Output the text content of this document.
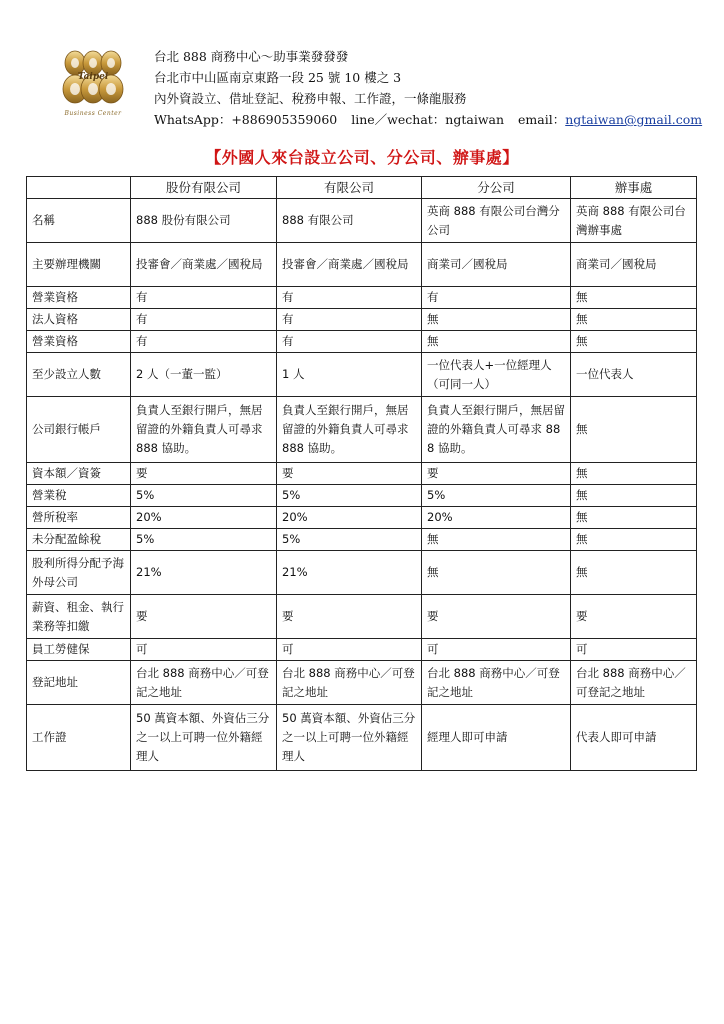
Taipei
Business Center
台北 888 商務中心～助事業發發發
台北市中山區南京東路一段 25 號 10 樓之 3
內外資設立、借址登記、稅務申報、工作證，一條龍服務
WhatsApp：+886905359060 line／wechat：ngtaiwan email：ngtaiwan@gmail.com
【外國人來台設立公司、分公司、辦事處】
	股份有限公司	有限公司	分公司	辦事處
名稱	888 股份有限公司	888 有限公司	英商 888 有限公司台灣分公司	英商 888 有限公司台灣辦事處
主要辦理機關	投審會／商業處／國稅局	投審會／商業處／國稅局	商業司／國稅局	商業司／國稅局
營業資格	有	有	有	無
法人資格	有	有	無	無
營業資格	有	有	無	無
至少設立人數	2 人（一董一監）	1 人	一位代表人+一位經理人（可同一人）	一位代表人
公司銀行帳戶	負責人至銀行開戶，無居留證的外籍負責人可尋求 888 協助。	負責人至銀行開戶，無居留證的外籍負責人可尋求 888 協助。	負責人至銀行開戶，無居留證的外籍負責人可尋求 888 協助。	無
資本額／資簽	要	要	要	無
營業稅	5%	5%	5%	無
營所稅率	20%	20%	20%	無
未分配盈餘稅	5%	5%	無	無
股利所得分配予海外母公司	21%	21%	無	無
薪資、租金、執行業務等扣繳	要	要	要	要
員工勞健保	可	可	可	可
登記地址	台北 888 商務中心／可登記之地址	台北 888 商務中心／可登記之地址	台北 888 商務中心／可登記之地址	台北 888 商務中心／可登記之地址
工作證	50 萬資本額、外資佔三分之一以上可聘一位外籍經理人	50 萬資本額、外資佔三分之一以上可聘一位外籍經理人	經理人即可申請	代表人即可申請
